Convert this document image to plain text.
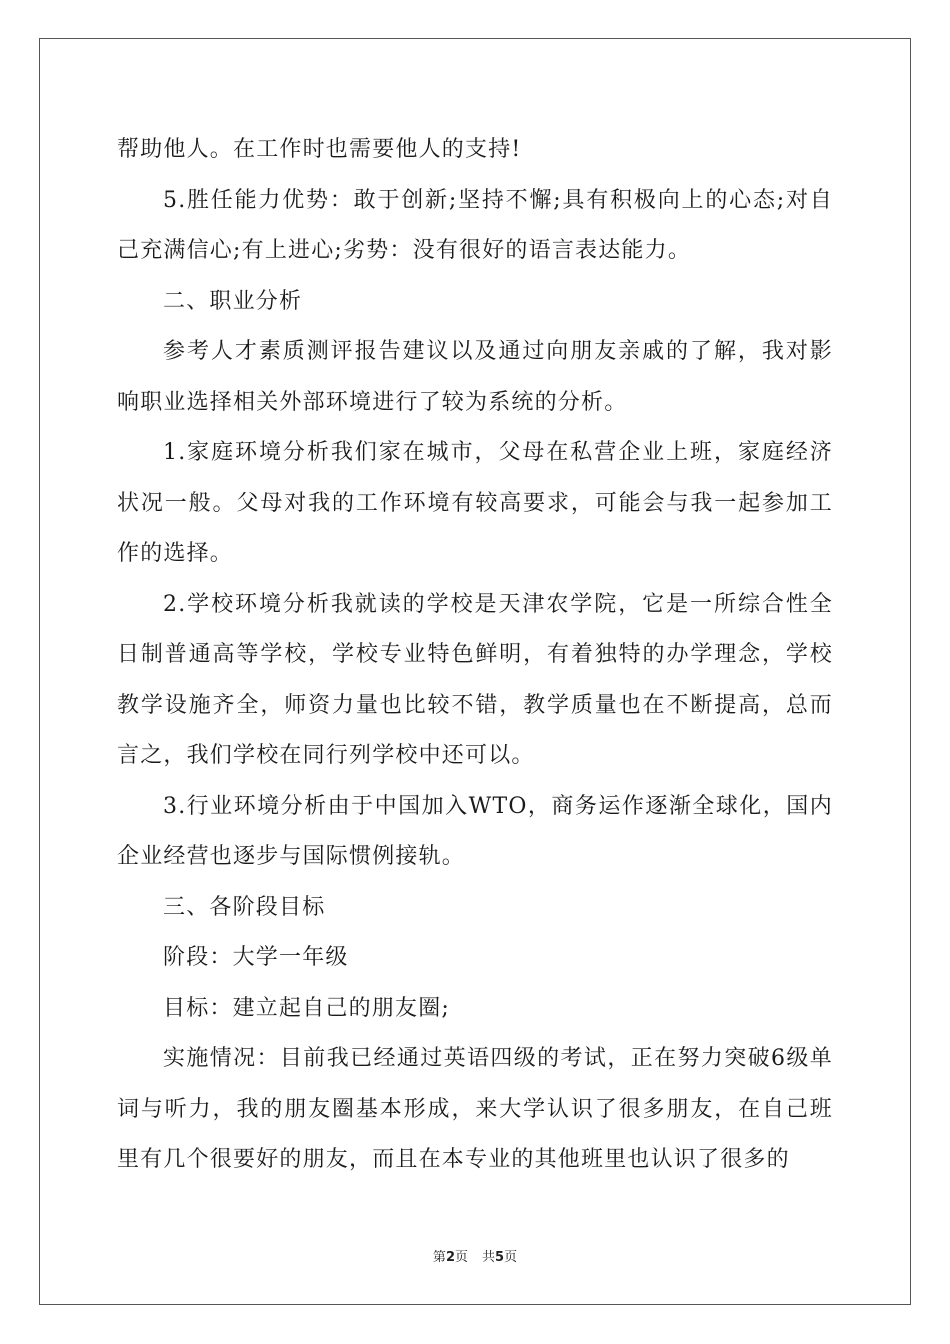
帮助他人。在工作时也需要他人的支持!

5.胜任能力优势：敢于创新;坚持不懈;具有积极向上的心态;对自己充满信心;有上进心;劣势：没有很好的语言表达能力。

二、职业分析

参考人才素质测评报告建议以及通过向朋友亲戚的了解，我对影响职业选择相关外部环境进行了较为系统的分析。

1.家庭环境分析我们家在城市，父母在私营企业上班，家庭经济状况一般。父母对我的工作环境有较高要求，可能会与我一起参加工作的选择。

2.学校环境分析我就读的学校是天津农学院，它是一所综合性全日制普通高等学校，学校专业特色鲜明，有着独特的办学理念，学校教学设施齐全，师资力量也比较不错，教学质量也在不断提高，总而言之，我们学校在同行列学校中还可以。

3.行业环境分析由于中国加入WTO，商务运作逐渐全球化，国内企业经营也逐步与国际惯例接轨。

三、各阶段目标

阶段：大学一年级

目标：建立起自己的朋友圈;

实施情况：目前我已经通过英语四级的考试，正在努力突破6级单词与听力，我的朋友圈基本形成，来大学认识了很多朋友，在自己班里有几个很要好的朋友，而且在本专业的其他班里也认识了很多的

第2页 共5页
